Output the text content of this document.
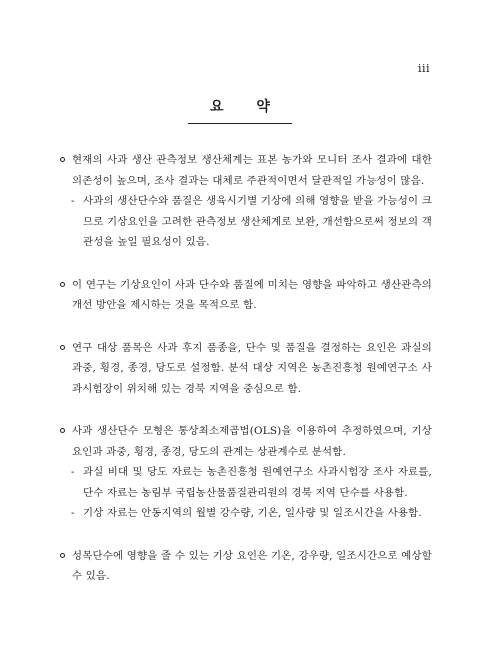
iii
요 약
현재의 사과 생산 관측정보 생산체계는 표본 농가와 모니터 조사 결과에 대한 의존성이 높으며, 조사 결과는 대체로 주관적이면서 달관적일 가능성이 많음.
- 사과의 생산단수와 품질은 생육시기별 기상에 의해 영향을 받을 가능성이 크므로 기상요인을 고려한 관측정보 생산체계로 보완, 개선함으로써 정보의 객관성을 높일 필요성이 있음.
이 연구는 기상요인이 사과 단수와 품질에 미치는 영향을 파악하고 생산관측의 개선 방안을 제시하는 것을 목적으로 함.
연구 대상 품목은 사과 후지 품종을, 단수 및 품질을 결정하는 요인은 과실의 과중, 횡경, 종경, 당도로 설정함. 분석 대상 지역은 농촌진흥청 원예연구소 사과시험장이 위치해 있는 경북 지역을 중심으로 함.
사과 생산단수 모형은 통상최소제곱법(OLS)을 이용하여 추정하였으며, 기상요인과 과중, 횡경, 종경, 당도의 관계는 상관계수로 분석함.
- 과실 비대 및 당도 자료는 농촌진흥청 원예연구소 사과시험장 조사 자료를, 단수 자료는 농림부 국립농산물품질관리원의 경북 지역 단수를 사용함.
- 기상 자료는 안동지역의 월별 강수량, 기온, 일사량 및 일조시간을 사용함.
성목단수에 영향을 줄 수 있는 기상 요인은 기온, 강우량, 일조시간으로 예상할 수 있음.
